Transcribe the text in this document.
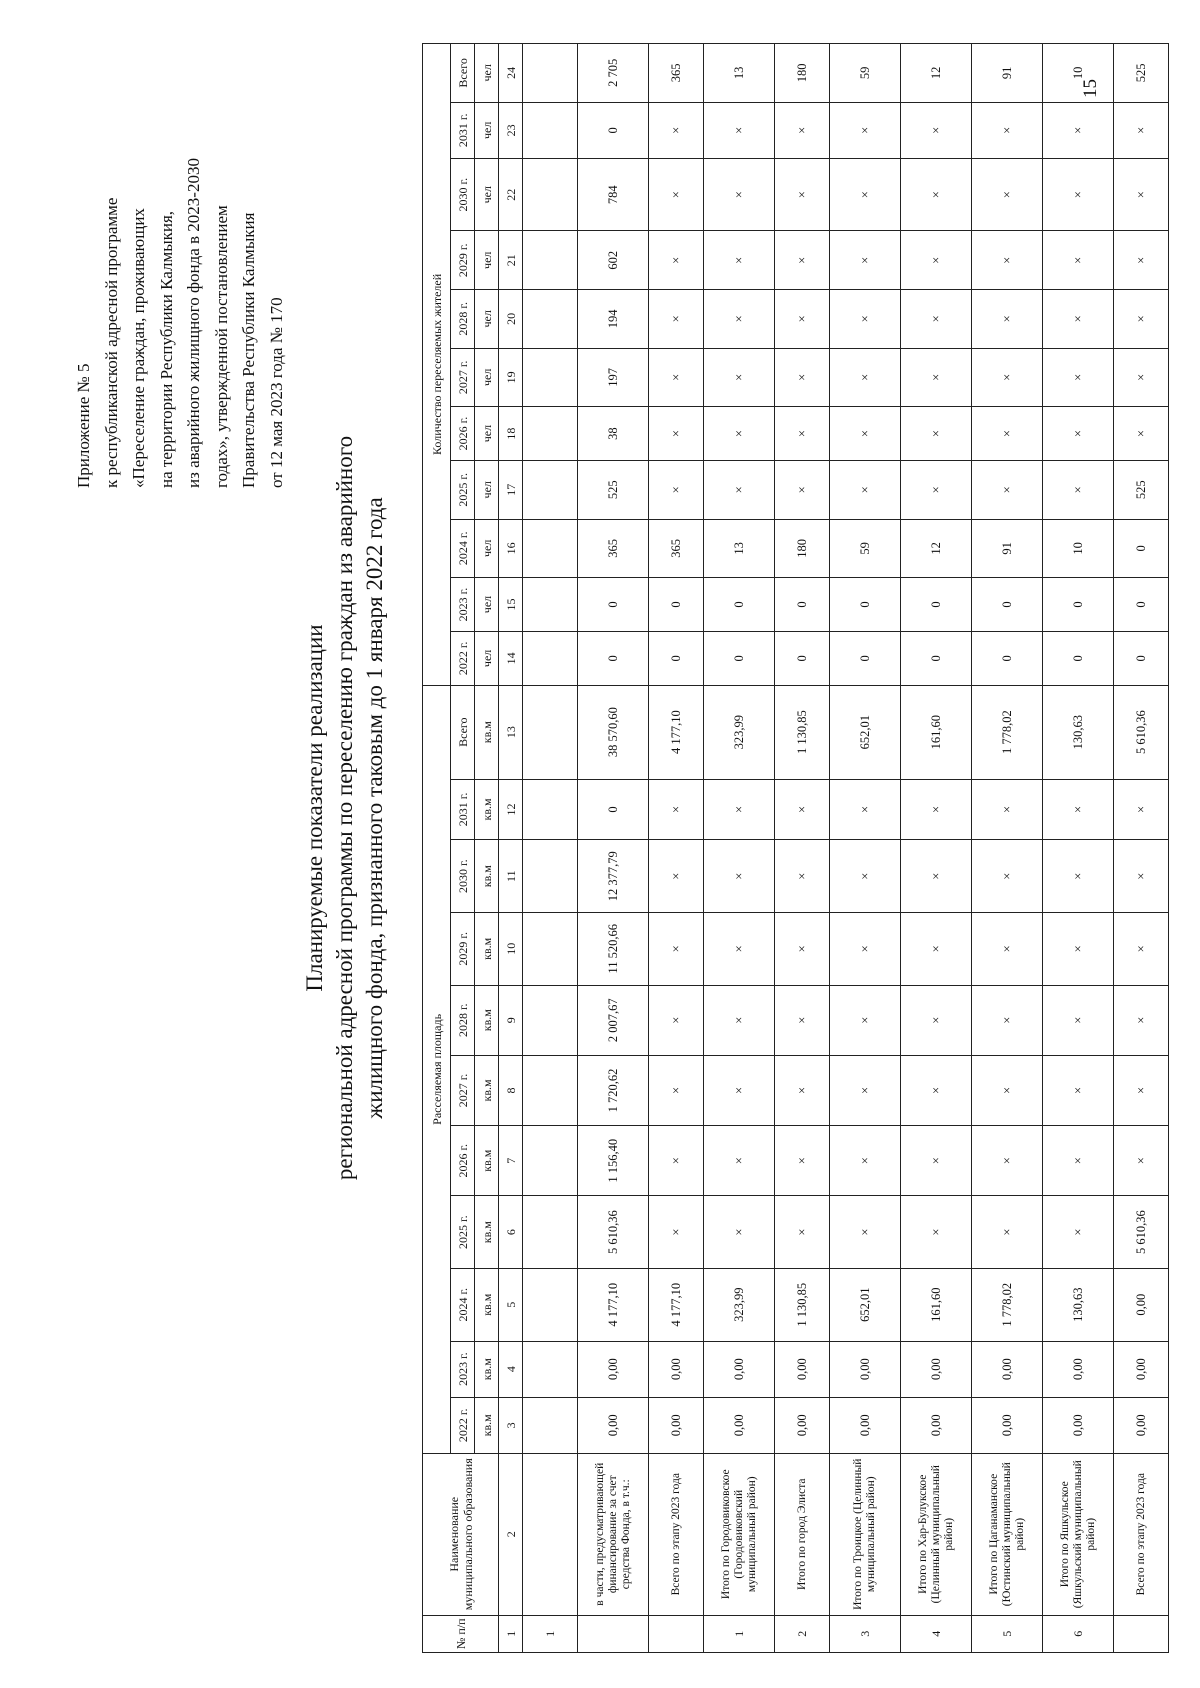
Приложение № 5 к республиканской адресной программе «Переселение граждан, проживающих на территории Республики Калмыкия, из аварийного жилищного фонда в 2023-2030 годах», утвержденной постановлением Правительства Республики Калмыкия от 12 мая 2023 года № 170
15
Планируемые показатели реализации региональной адресной программы по переселению граждан из аварийного жилищного фонда, признанного таковым до 1 января 2022 года
№ п/п	Наименование муниципального образования	Расселяемая площадь											Количество переселяемых жителей										
		2022 г.	2023 г.	2024 г.	2025 г.	2026 г.	2027 г.	2028 г.	2029 г.	2030 г.	2031 г.	Всего	2022 г.	2023 г.	2024 г.	2025 г.	2026 г.	2027 г.	2028 г.	2029 г.	2030 г.	2031 г.	Всего
		кв.м	кв.м	кв.м	кв.м	кв.м	кв.м	кв.м	кв.м	кв.м	кв.м	кв.м	чел	чел	чел	чел	чел	чел	чел	чел	чел	чел	чел
1	2	3	4	5	6	7	8	9	10	11	12	13	14	15	16	17	18	19	20	21	22	23	24
1																							
	в части, предусматривающей финансирование за счет средства Фонда, в т.ч.:	0,00	0,00	4 177,10	5 610,36	1 156,40	1 720,62	2 007,67	11 520,66	12 377,79	0	38 570,60	0	0	365	525	38	197	194	602	784	0	2 705
	Всего по этапу 2023 года	0,00	0,00	4 177,10	×	×	×	×	×	×	×	4 177,10	0	0	365	×	×	×	×	×	×	×	365
1	Итого по Городовиковское (Городовиковский муниципальный район)	0,00	0,00	323,99	×	×	×	×	×	×	×	323,99	0	0	13	×	×	×	×	×	×	×	13
2	Итого по город Элиста	0,00	0,00	1 130,85	×	×	×	×	×	×	×	1 130,85	0	0	180	×	×	×	×	×	×	×	180
3	Итого по Троицкое (Целинный муниципальный район)	0,00	0,00	652,01	×	×	×	×	×	×	×	652,01	0	0	59	×	×	×	×	×	×	×	59
4	Итого по Хар-Булукское (Целинный муниципальный район)	0,00	0,00	161,60	×	×	×	×	×	×	×	161,60	0	0	12	×	×	×	×	×	×	×	12
5	Итого по Цаганаманское (Юстинский муниципальный район)	0,00	0,00	1 778,02	×	×	×	×	×	×	×	1 778,02	0	0	91	×	×	×	×	×	×	×	91
6	Итого по Яшкульское (Яшкульский муниципальный район)	0,00	0,00	130,63	×	×	×	×	×	×	×	130,63	0	0	10	×	×	×	×	×	×	×	10
	Всего по этапу 2023 года	0,00	0,00	0,00	5 610,36	×	×	×	×	×	×	5 610,36	0	0	0	525	×	×	×	×	×	×	525
